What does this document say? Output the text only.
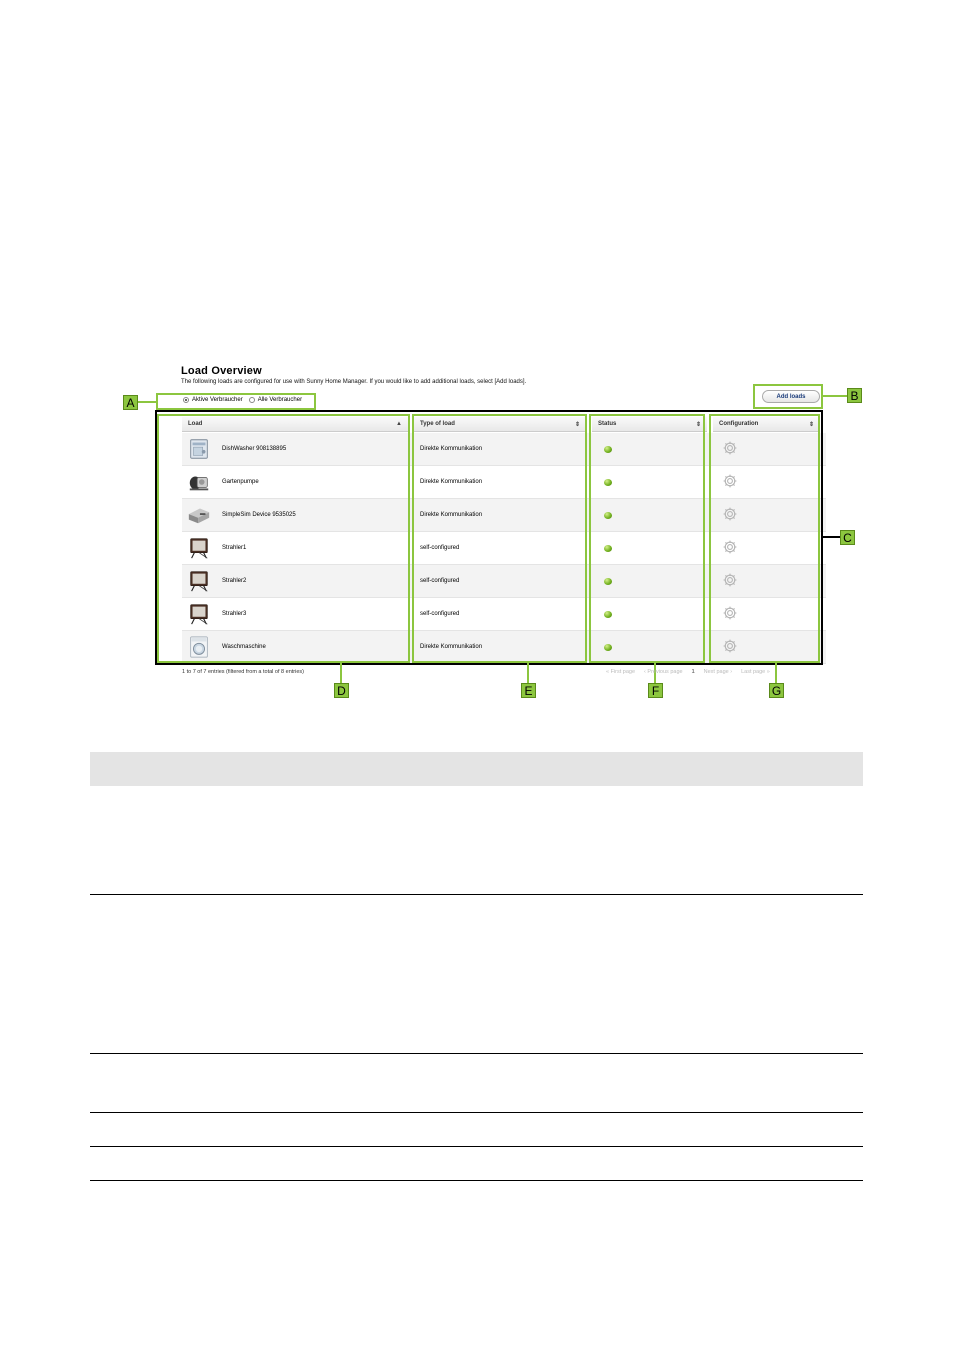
Load Overview
The following loads are configured for use with Sunny Home Manager. If you would like to add additional loads, select [Add loads].
Aktive Verbraucher	Alle Verbraucher
Add loads
Load	▲	Type of load	⇕	Status	⇕	Configuration	⇕
DishWasher 908138895	Direkte Kommunikation
Gartenpumpe	Direkte Kommunikation
SimpleSim Device 9535025	Direkte Kommunikation
Strahler1	self-configured
Strahler2	self-configured
Strahler3	self-configured
Waschmaschine	Direkte Kommunikation
A	B
C
D	E	F	G
1 to 7 of 7 entries (filtered from a total of 8 entries)	« First page ‹ Previous page 1 Next page › Last page »
